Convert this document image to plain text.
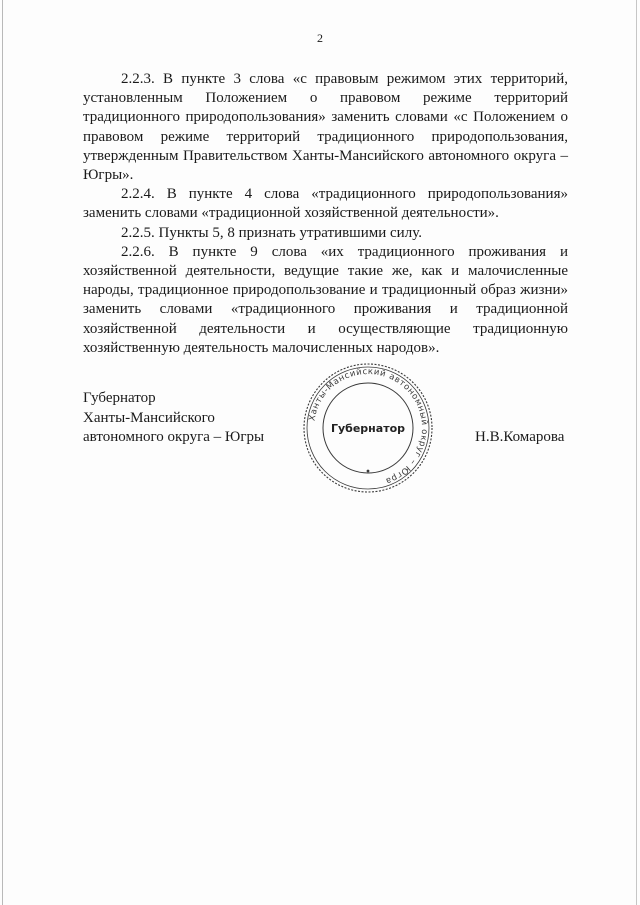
2

2.2.3. В пункте 3 слова «с правовым режимом этих территорий, установленным Положением о правовом режиме территорий традиционного природопользования» заменить словами «с Положением о правовом режиме территорий традиционного природопользования, утвержденным Правительством Ханты-Мансийского автономного округа – Югры».

2.2.4. В пункте 4 слова «традиционного природопользования» заменить словами «традиционной хозяйственной деятельности».

2.2.5. Пункты 5, 8 признать утратившими силу.

2.2.6. В пункте 9 слова «их традиционного проживания и хозяйственной деятельности, ведущие такие же, как и малочисленные народы, традиционное природопользование и традиционный образ жизни» заменить словами «традиционного проживания и традиционной хозяйственной деятельности и осуществляющие традиционную хозяйственную деятельность малочисленных народов».

Губернатор
Ханты-Мансийского
автономного округа – Югры
Ханты-Мансийский автономный округ – Югра
Губернатор
Н.В.Комарова
